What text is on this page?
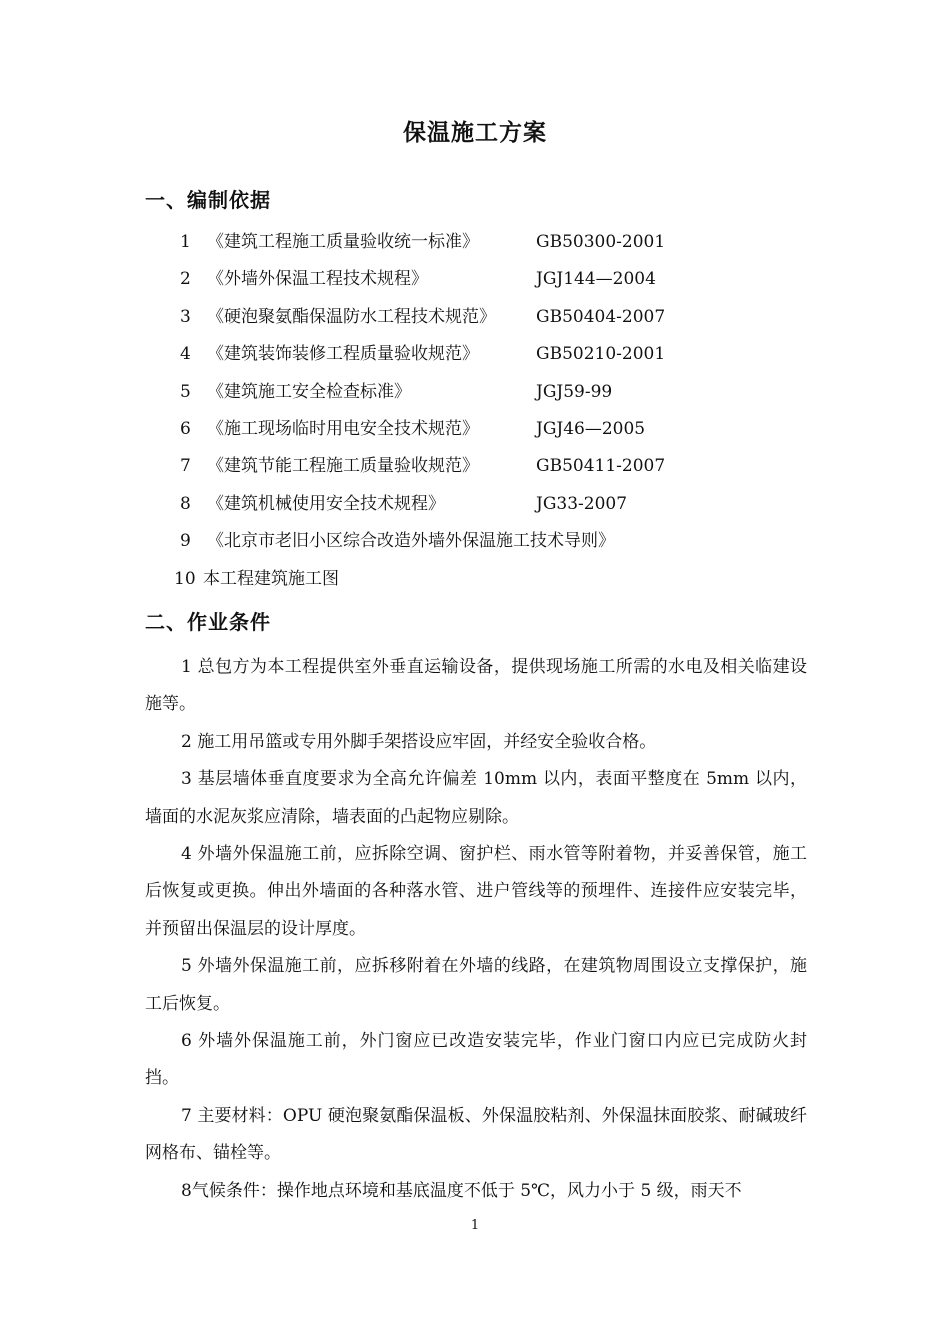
保温施工方案
一、编制依据
1 《建筑工程施工质量验收统一标准》	GB50300-2001
2 《外墙外保温工程技术规程》	JGJ144—2004
3 《硬泡聚氨酯保温防水工程技术规范》 GB50404-2007
4 《建筑装饰装修工程质量验收规范》	GB50210-2001
5 《建筑施工安全检查标准》	JGJ59-99
6 《施工现场临时用电安全技术规范》	JGJ46—2005
7 《建筑节能工程施工质量验收规范》	GB50411-2007
8 《建筑机械使用安全技术规程》	JG33-2007
9 《北京市老旧小区综合改造外墙外保温施工技术导则》
10 本工程建筑施工图
二、作业条件

1 总包方为本工程提供室外垂直运输设备，提供现场施工所需的水电及相关临建设施等。

2 施工用吊篮或专用外脚手架搭设应牢固，并经安全验收合格。

3 基层墙体垂直度要求为全高允许偏差 10mm 以内，表面平整度在 5mm 以内，墙面的水泥灰浆应清除，墙表面的凸起物应剔除。

4 外墙外保温施工前，应拆除空调、窗护栏、雨水管等附着物，并妥善保管，施工后恢复或更换。伸出外墙面的各种落水管、进户管线等的预埋件、连接件应安装完毕，并预留出保温层的设计厚度。

5 外墙外保温施工前，应拆移附着在外墙的线路，在建筑物周围设立支撑保护，施工后恢复。

6 外墙外保温施工前，外门窗应已改造安装完毕，作业门窗口内应已完成防火封挡。

7 主要材料：OPU 硬泡聚氨酯保温板、外保温胶粘剂、外保温抹面胶浆、耐碱玻纤网格布、锚栓等。

8气候条件：操作地点环境和基底温度不低于 5℃，风力小于 5 级，雨天不

1
